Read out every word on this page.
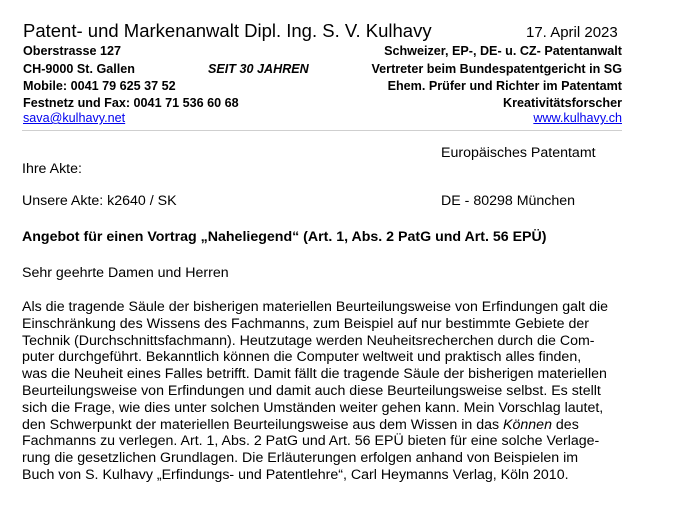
Patent- und Markenanwalt Dipl. Ing. S. V. Kulhavy	17. April 2023
Oberstrasse 127
CH-9000 St. Gallen	SEIT 30 JAHREN
Mobile: 0041 79 625 37 52
Festnetz und Fax: 0041 71 536 60 68
sava@kulhavy.net
Schweizer, EP-, DE- u. CZ- Patentanwalt
Vertreter beim Bundespatentgericht in SG
Ehem. Prüfer und Richter im Patentamt
Kreativitätsforscher
www.kulhavy.ch
Europäisches Patentamt
Ihre Akte:
Unsere Akte: k2640 / SK	DE - 80298 München
Angebot für einen Vortrag „Naheliegend“ (Art. 1, Abs. 2 PatG und Art. 56 EPÜ)
Sehr geehrte Damen und Herren
Als die tragende Säule der bisherigen materiellen Beurteilungsweise von Erfindungen galt die
Einschränkung des Wissens des Fachmanns, zum Beispiel auf nur bestimmte Gebiete der
Technik (Durchschnittsfachmann). Heutzutage werden Neuheitsrecherchen durch die Com-
puter durchgeführt. Bekanntlich können die Computer weltweit und praktisch alles finden,
was die Neuheit eines Falles betrifft. Damit fällt die tragende Säule der bisherigen materiellen
Beurteilungsweise von Erfindungen und damit auch diese Beurteilungsweise selbst. Es stellt
sich die Frage, wie dies unter solchen Umständen weiter gehen kann. Mein Vorschlag lautet,
den Schwerpunkt der materiellen Beurteilungsweise aus dem Wissen in das Können des
Fachmanns zu verlegen. Art. 1, Abs. 2 PatG und Art. 56 EPÜ bieten für eine solche Verlage-
rung die gesetzlichen Grundlagen. Die Erläuterungen erfolgen anhand von Beispielen im
Buch von S. Kulhavy „Erfindungs- und Patentlehre“, Carl Heymanns Verlag, Köln 2010.
